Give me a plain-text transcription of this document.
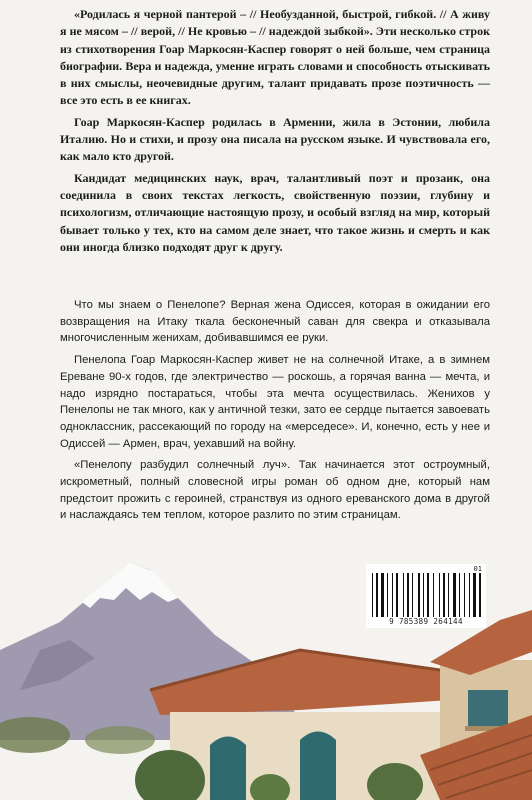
«Родилась я черной пантерой – // Необузданной, быстрой, гибкой. // А живу я не мясом – // верой, // Не кровью – // надеждой зыбкой». Эти несколько строк из стихотворения Гоар Маркосян-Каспер говорят о ней больше, чем страница биографии. Вера и надежда, умение играть словами и способность отыскивать в них смыслы, неочевидные другим, талант придавать прозе поэтичность — все это есть в ее книгах.

Гоар Маркосян-Каспер родилась в Армении, жила в Эстонии, любила Италию. Но и стихи, и прозу она писала на русском языке. И чувствовала его, как мало кто другой.

Кандидат медицинских наук, врач, талантливый поэт и прозаик, она соединила в своих текстах легкость, свойственную поэзии, глубину и психологизм, отличающие настоящую прозу, и особый взгляд на мир, который бывает только у тех, кто на самом деле знает, что такое жизнь и смерть и как они иногда близко подходят друг к другу.

Что мы знаем о Пенелопе? Верная жена Одиссея, которая в ожидании его возвращения на Итаку ткала бесконечный саван для свекра и отказывала многочисленным женихам, добивавшимся ее руки.

Пенелопа Гоар Маркосян-Каспер живет не на солнечной Итаке, а в зимнем Ереване 90-х годов, где электричество — роскошь, а горячая ванна — мечта, и надо изрядно постараться, чтобы эта мечта осуществилась. Женихов у Пенелопы не так много, как у античной тезки, зато ее сердце пытается завоевать одноклассник, рассекающий по городу на «мерседесе». И, конечно, есть у нее и Одиссей — Армен, врач, уехавший на войну.

«Пенелопу разбудил солнечный луч». Так начинается этот остроумный, искрометный, полный словесной игры роман об одном дне, который нам предстоит прожить с героиней, странствуя из одного ереванского дома в другой и наслаждаясь тем теплом, которое разлито по этим страницам.

01
9 785389 264144
